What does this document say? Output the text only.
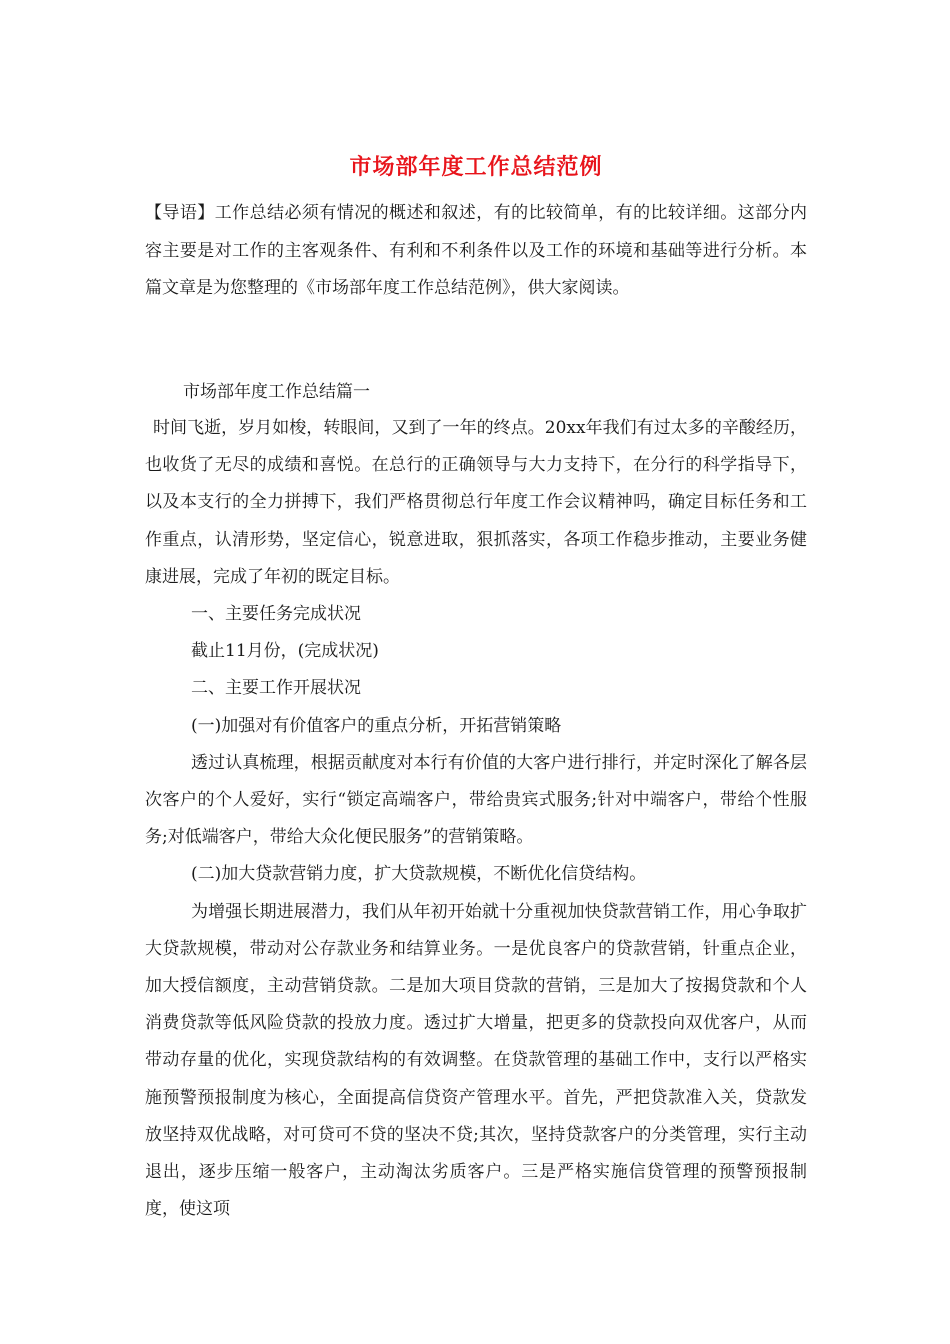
市场部年度工作总结范例

【导语】工作总结必须有情况的概述和叙述，有的比较简单，有的比较详细。这部分内容主要是对工作的主客观条件、有利和不利条件以及工作的环境和基础等进行分析。本篇文章是为您整理的《市场部年度工作总结范例》，供大家阅读。

市场部年度工作总结篇一

时间飞逝，岁月如梭，转眼间，又到了一年的终点。20xx年我们有过太多的辛酸经历，也收货了无尽的成绩和喜悦。在总行的正确领导与大力支持下，在分行的科学指导下，以及本支行的全力拼搏下，我们严格贯彻总行年度工作会议精神吗，确定目标任务和工作重点，认清形势，坚定信心，锐意进取，狠抓落实，各项工作稳步推动，主要业务健康进展，完成了年初的既定目标。

一、主要任务完成状况

截止11月份，(完成状况)

二、主要工作开展状况

(一)加强对有价值客户的重点分析，开拓营销策略

透过认真梳理，根据贡献度对本行有价值的大客户进行排行，并定时深化了解各层次客户的个人爱好，实行“锁定高端客户，带给贵宾式服务;针对中端客户，带给个性服务;对低端客户，带给大众化便民服务”的营销策略。

(二)加大贷款营销力度，扩大贷款规模，不断优化信贷结构。

为增强长期进展潜力，我们从年初开始就十分重视加快贷款营销工作，用心争取扩大贷款规模，带动对公存款业务和结算业务。一是优良客户的贷款营销，针重点企业，加大授信额度，主动营销贷款。二是加大项目贷款的营销，三是加大了按揭贷款和个人消费贷款等低风险贷款的投放力度。透过扩大增量，把更多的贷款投向双优客户，从而带动存量的优化，实现贷款结构的有效调整。在贷款管理的基础工作中，支行以严格实施预警预报制度为核心，全面提高信贷资产管理水平。首先，严把贷款准入关，贷款发放坚持双优战略，对可贷可不贷的坚决不贷;其次，坚持贷款客户的分类管理，实行主动退出，逐步压缩一般客户，主动淘汰劣质客户。三是严格实施信贷管理的预警预报制度，使这项
